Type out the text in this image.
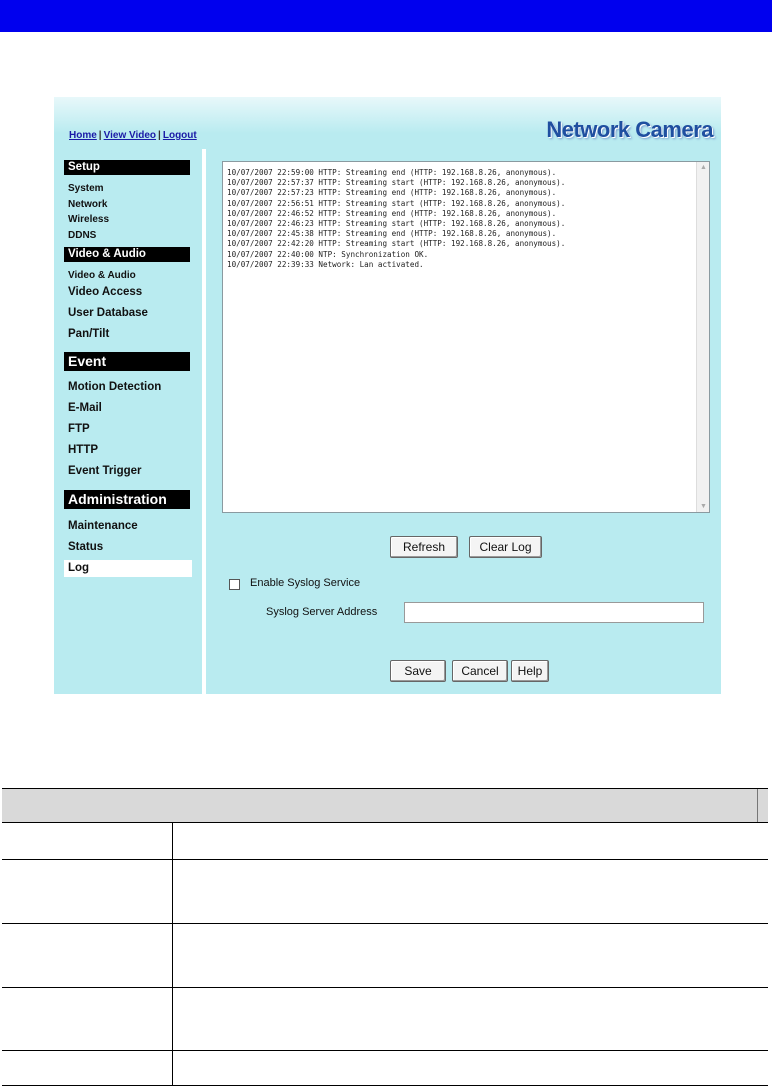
Home | View Video | Logout	Network Camera
Setup
System
Network
Wireless
DDNS
Video & Audio
Video & Audio
Video Access
User Database
Pan/Tilt
Event
Motion Detection
E-Mail
FTP
HTTP
Event Trigger
Administration
Maintenance
Status
Log
10/07/2007 22:59:00 HTTP: Streaming end (HTTP: 192.168.8.26, anonymous).
10/07/2007 22:57:37 HTTP: Streaming start (HTTP: 192.168.8.26, anonymous).
10/07/2007 22:57:23 HTTP: Streaming end (HTTP: 192.168.8.26, anonymous).
10/07/2007 22:56:51 HTTP: Streaming start (HTTP: 192.168.8.26, anonymous).
10/07/2007 22:46:52 HTTP: Streaming end (HTTP: 192.168.8.26, anonymous).
10/07/2007 22:46:23 HTTP: Streaming start (HTTP: 192.168.8.26, anonymous).
10/07/2007 22:45:38 HTTP: Streaming end (HTTP: 192.168.8.26, anonymous).
10/07/2007 22:42:20 HTTP: Streaming start (HTTP: 192.168.8.26, anonymous).
10/07/2007 22:40:00 NTP: Synchronization OK.
10/07/2007 22:39:33 Network: Lan activated.
▲
▼
Refresh	Clear Log
Enable Syslog Service
Syslog Server Address
Save	Cancel	Help
